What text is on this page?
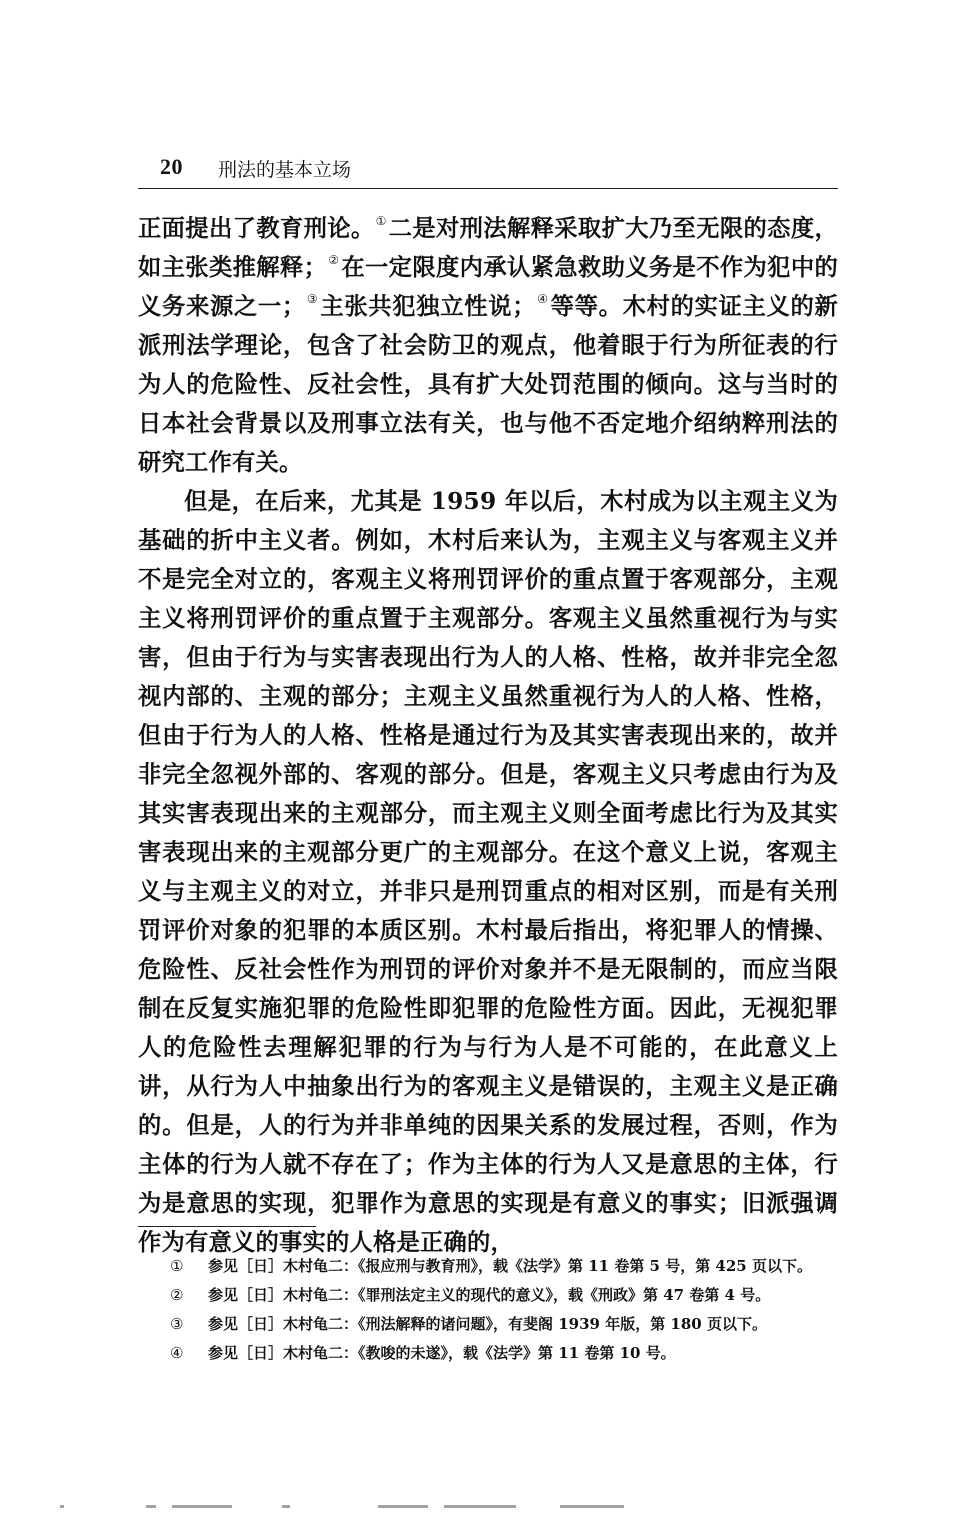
20 刑法的基本立场

正面提出了教育刑论。①二是对刑法解释采取扩大乃至无限的态度，如主张类推解释；②在一定限度内承认紧急救助义务是不作为犯中的义务来源之一；③主张共犯独立性说；④等等。木村的实证主义的新派刑法学理论，包含了社会防卫的观点，他着眼于行为所征表的行为人的危险性、反社会性，具有扩大处罚范围的倾向。这与当时的日本社会背景以及刑事立法有关，也与他不否定地介绍纳粹刑法的研究工作有关。

但是，在后来，尤其是 1959 年以后，木村成为以主观主义为基础的折中主义者。例如，木村后来认为，主观主义与客观主义并不是完全对立的，客观主义将刑罚评价的重点置于客观部分，主观主义将刑罚评价的重点置于主观部分。客观主义虽然重视行为与实害，但由于行为与实害表现出行为人的人格、性格，故并非完全忽视内部的、主观的部分；主观主义虽然重视行为人的人格、性格，但由于行为人的人格、性格是通过行为及其实害表现出来的，故并非完全忽视外部的、客观的部分。但是，客观主义只考虑由行为及其实害表现出来的主观部分，而主观主义则全面考虑比行为及其实害表现出来的主观部分更广的主观部分。在这个意义上说，客观主义与主观主义的对立，并非只是刑罚重点的相对区别，而是有关刑罚评价对象的犯罪的本质区别。木村最后指出，将犯罪人的情操、危险性、反社会性作为刑罚的评价对象并不是无限制的，而应当限制在反复实施犯罪的危险性即犯罪的危险性方面。因此，无视犯罪人的危险性去理解犯罪的行为与行为人是不可能的，在此意义上讲，从行为人中抽象出行为的客观主义是错误的，主观主义是正确的。但是，人的行为并非单纯的因果关系的发展过程，否则，作为主体的行为人就不存在了；作为主体的行为人又是意思的主体，行为是意思的实现，犯罪作为意思的实现是有意义的事实；旧派强调作为有意义的事实的人格是正确的，

① 参见［日］木村龟二：《报应刑与教育刑》，载《法学》第 11 卷第 5 号，第 425 页以下。
② 参见［日］木村龟二：《罪刑法定主义的现代的意义》，载《刑政》第 47 卷第 4 号。
③ 参见［日］木村龟二：《刑法解释的诸问题》，有斐阁 1939 年版，第 180 页以下。
④ 参见［日］木村龟二：《教唆的未遂》，载《法学》第 11 卷第 10 号。
